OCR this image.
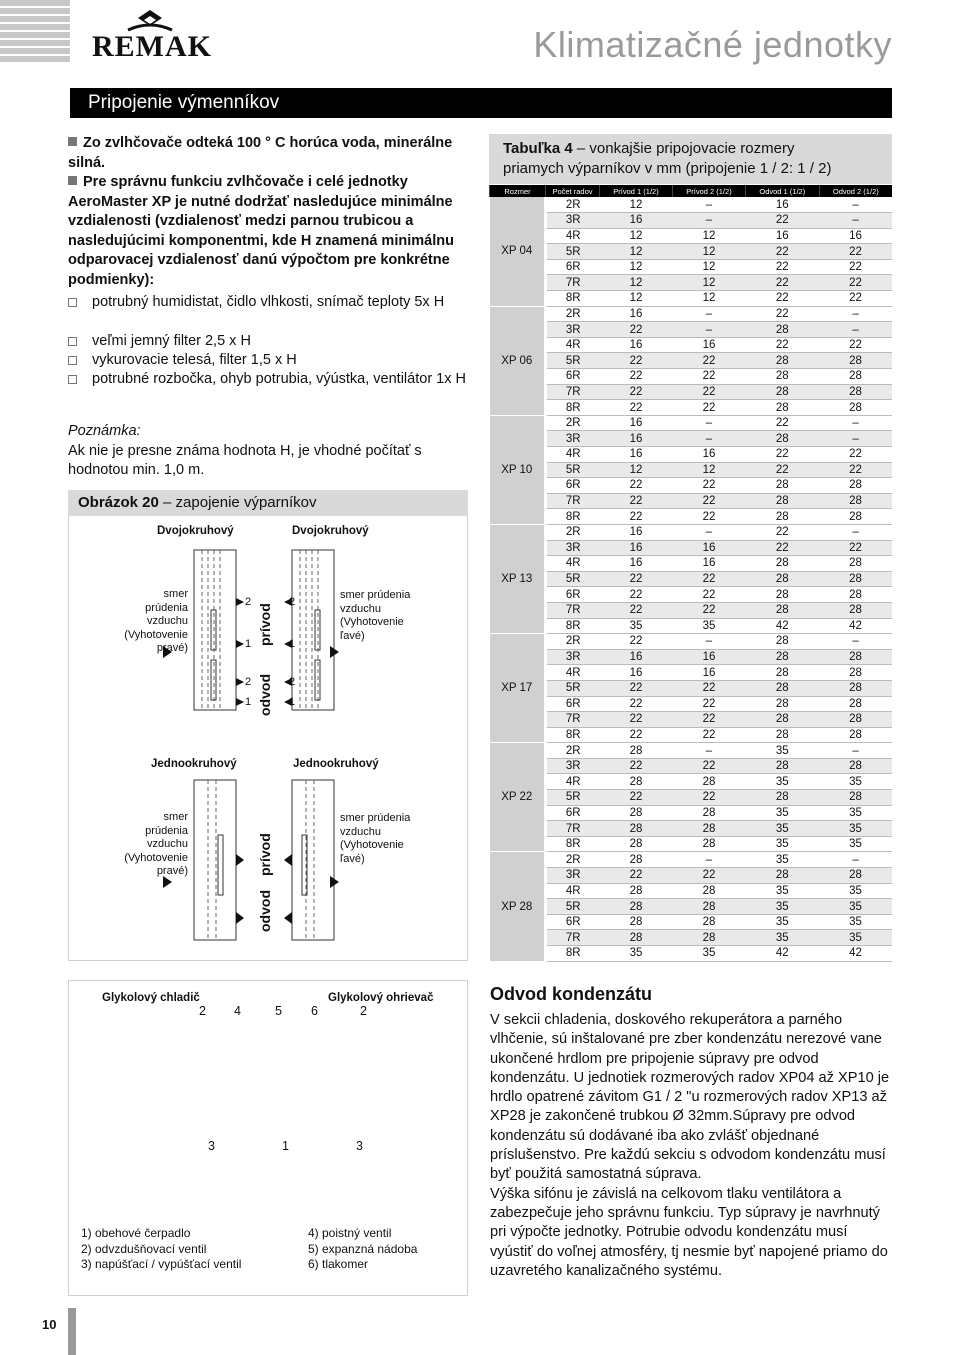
REMAK	Klimatizačné jednotky
Pripojenie výmenníkov
Zo zvlhčovače odteká 100 ° C horúca voda, minerálne silná.
Pre správnu funkciu zvlhčovače i celé jednotky AeroMaster XP je nutné dodržať nasledujúce minimálne vzdialenosti (vzdialenosť medzi parnou trubicou a nasledujúcimi komponentmi, kde H znamená minimálnu odparovacej vzdialenosť danú výpočtom pre konkrétne podmienky):
potrubný humidistat, čidlo vlhkosti, snímač teploty 5x H
veľmi jemný filter 2,5 x H
vykurovacie telesá, filter 1,5 x H
potrubné rozbočka, ohyb potrubia, výústka, ventilátor 1x H
Poznámka:
Ak nie je presne známa hodnota H, je vhodné počítať s hodnotou min. 1,0 m.
Obrázok 20 – zapojenie výparníkov
Dvojokruhový	Dvojokruhový
smer prúdenia
vzduchu
(Vyhotovenie
pravé)
smer prúdenia
vzduchu
(Vyhotovenie
ľavé)
2
1
2
1
2
1
2
1
prívod
odvod
Jednookruhový	Jednookruhový
smer prúdenia
vzduchu
(Vyhotovenie
pravé)
smer prúdenia
vzduchu
(Vyhotovenie
ľavé)
prívod
odvod
Glykolový chladič	Glykolový ohrievač
2 4	5 6	2
3	1	3
1) obehové čerpadlo
2) odvzdušňovací ventil
3) napúšťací / vypúšťací ventil
4) poistný ventil
5) expanzná nádoba
6) tlakomer
Tabuľka 4 – vonkajšie pripojovacie rozmery
priamych výparníkov v mm (pripojenie 1 / 2: 1 / 2)
Rozmer	Počet radov	Prívod 1 (1/2)	Prívod 2 (1/2)	Odvod 1 (1/2)	Odvod 2 (1/2)
XP 04	2R	12	–	16	–
	3R	16	–	22	–
	4R	12	12	16	16
	5R	12	12	22	22
	6R	12	12	22	22
	7R	12	12	22	22
	8R	12	12	22	22
XP 06	2R	16	–	22	–
	3R	22	–	28	–
	4R	16	16	22	22
	5R	22	22	28	28
	6R	22	22	28	28
	7R	22	22	28	28
	8R	22	22	28	28
XP 10	2R	16	–	22	–
	3R	16	–	28	–
	4R	16	16	22	22
	5R	12	12	22	22
	6R	22	22	28	28
	7R	22	22	28	28
	8R	22	22	28	28
XP 13	2R	16	–	22	–
	3R	16	16	22	22
	4R	16	16	28	28
	5R	22	22	28	28
	6R	22	22	28	28
	7R	22	22	28	28
	8R	35	35	42	42
XP 17	2R	22	–	28	–
	3R	16	16	28	28
	4R	16	16	28	28
	5R	22	22	28	28
	6R	22	22	28	28
	7R	22	22	28	28
	8R	22	22	28	28
XP 22	2R	28	–	35	–
	3R	22	22	28	28
	4R	28	28	35	35
	5R	22	22	28	28
	6R	28	28	35	35
	7R	28	28	35	35
	8R	28	28	35	35
XP 28	2R	28	–	35	–
	3R	22	22	28	28
	4R	28	28	35	35
	5R	28	28	35	35
	6R	28	28	35	35
	7R	28	28	35	35
	8R	35	35	42	42
Odvod kondenzátu
V sekcii chladenia, doskového rekuperátora a parného vlhčenie, sú inštalované pre zber kondenzátu nerezové vane ukončené hrdlom pre pripojenie súpravy pre odvod kondenzátu. U jednotiek rozmerových radov XP04 až XP10 je hrdlo opatrené závitom G1 / 2 "u rozmerových radov XP13 až XP28 je zakončené trubkou Ø 32mm.Súpravy pre odvod kondenzátu sú dodávané iba ako zvlášť objednané príslušenstvo. Pre každú sekciu s odvodom kondenzátu musí byť použitá samostatná súprava.
Výška sifónu je závislá na celkovom tlaku ventilátora a zabezpečuje jeho správnu funkciu. Typ súpravy je navrhnutý pri výpočte jednotky. Potrubie odvodu kondenzátu musí vyústiť do voľnej atmosféry, tj nesmie byť napojené priamo do uzavretého kanalizačného systému.
10
